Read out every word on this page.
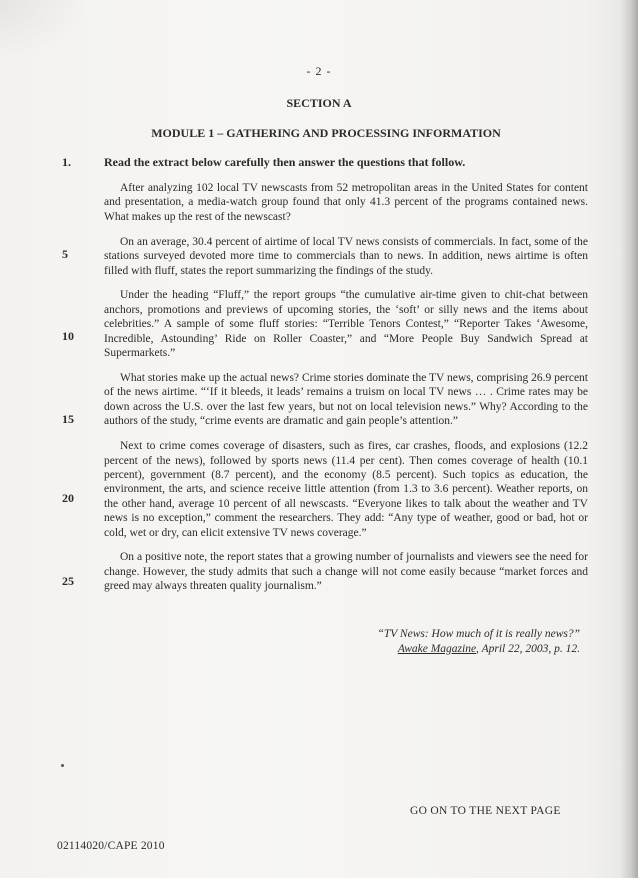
- 2 -
SECTION A
MODULE 1 – GATHERING AND PROCESSING INFORMATION
1.	Read the extract below carefully then answer the questions that follow.
5
10
15
20
25

After analyzing 102 local TV newscasts from 52 metropolitan areas in the United States for content and presentation, a media-watch group found that only 41.3 percent of the programs contained news. What makes up the rest of the newscast?

On an average, 30.4 percent of airtime of local TV news consists of commercials. In fact, some of the stations surveyed devoted more time to commercials than to news. In addition, news airtime is often filled with fluff, states the report summarizing the findings of the study.

Under the heading “Fluff,” the report groups “the cumulative air-time given to chit-chat between anchors, promotions and previews of upcoming stories, the ‘soft’ or silly news and the items about celebrities.” A sample of some fluff stories: “Terrible Tenors Contest,” “Reporter Takes ‘Awesome, Incredible, Astounding’ Ride on Roller Coaster,” and “More People Buy Sandwich Spread at Supermarkets.”

What stories make up the actual news? Crime stories dominate the TV news, comprising 26.9 percent of the news airtime. “‘If it bleeds, it leads’ remains a truism on local TV news … . Crime rates may be down across the U.S. over the last few years, but not on local television news.” Why? According to the authors of the study, “crime events are dramatic and gain people’s attention.”

Next to crime comes coverage of disasters, such as fires, car crashes, floods, and explosions (12.2 percent of the news), followed by sports news (11.4 per cent). Then comes coverage of health (10.1 percent), government (8.7 percent), and the economy (8.5 percent). Such topics as education, the environment, the arts, and science receive little attention (from 1.3 to 3.6 percent). Weather reports, on the other hand, average 10 percent of all newscasts. “Everyone likes to talk about the weather and TV news is no exception,” comment the researchers. They add: “Any type of weather, good or bad, hot or cold, wet or dry, can elicit extensive TV news coverage.”

On a positive note, the report states that a growing number of journalists and viewers see the need for change. However, the study admits that such a change will not come easily because “market forces and greed may always threaten quality journalism.”

“TV News: How much of it is really news?”
Awake Magazine, April 22, 2003, p. 12.
GO ON TO THE NEXT PAGE
02114020/CAPE 2010
